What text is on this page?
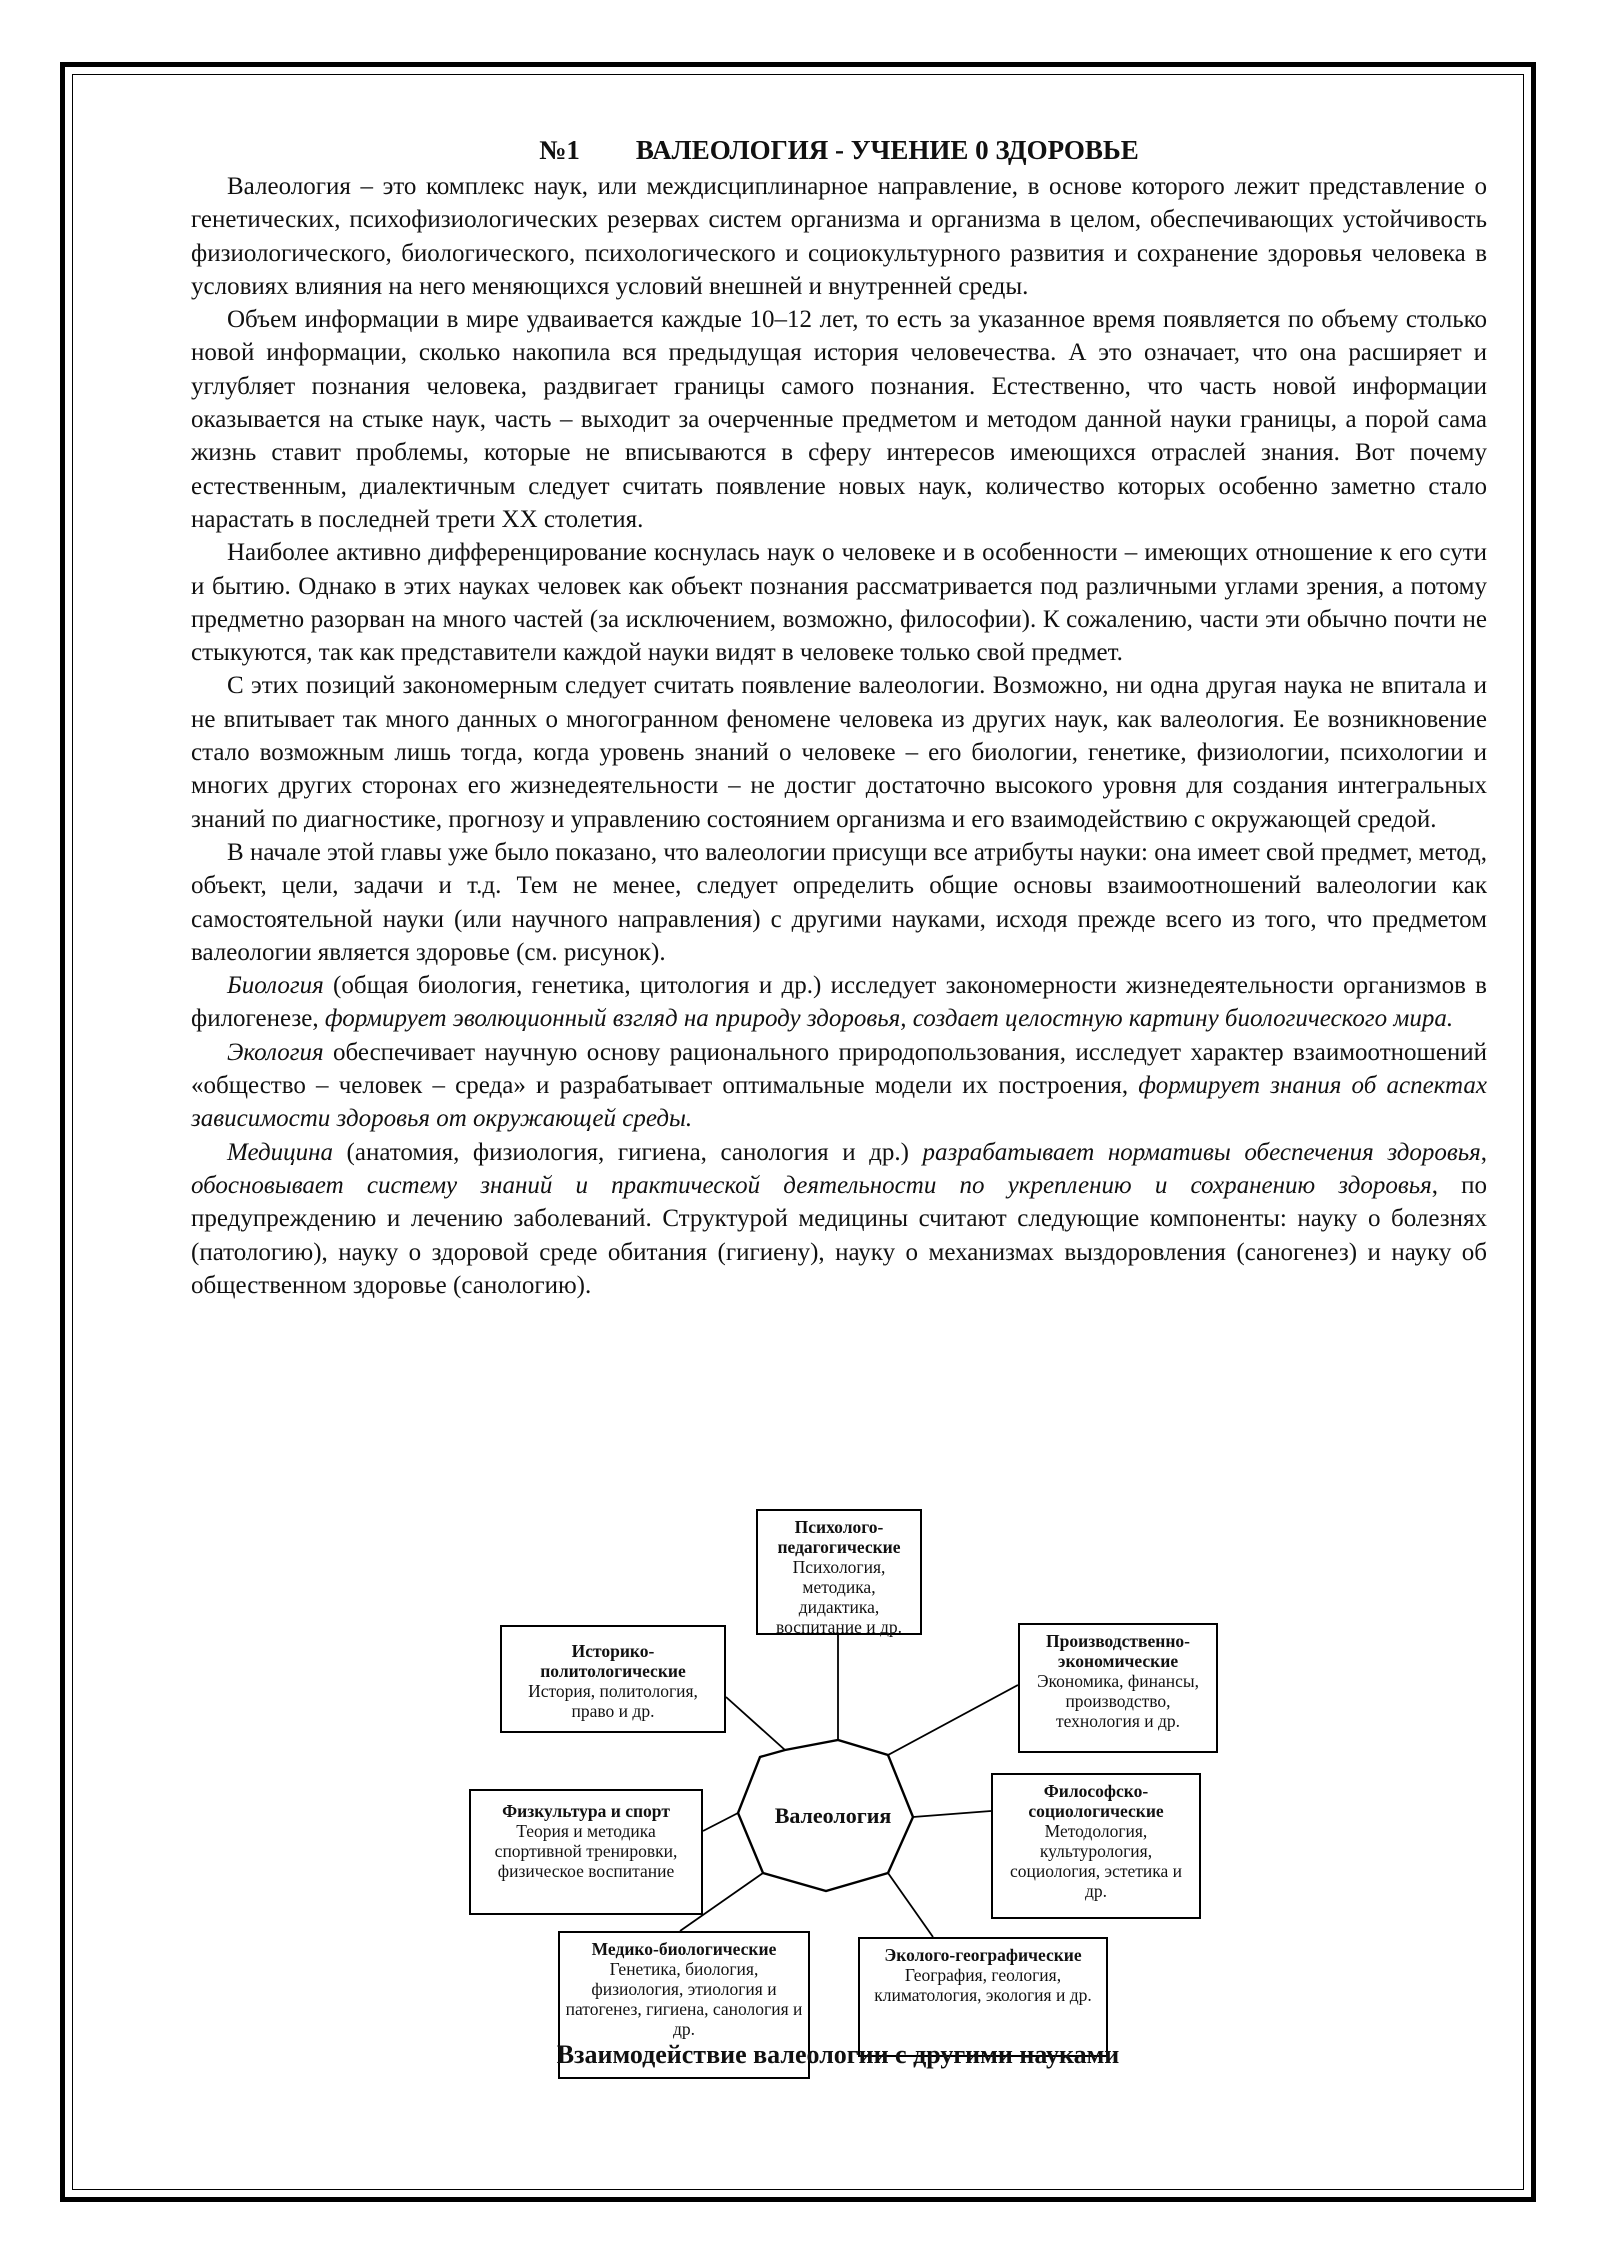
№1 ВАЛЕОЛОГИЯ - УЧЕНИЕ 0 ЗДОРОВЬЕ

Валеология – это комплекс наук, или междисциплинарное направление, в основе которого лежит представление о генетических, психофизиологических резервах систем организма и организма в целом, обеспечивающих устойчивость физиологического, биологического, психологического и социокультурного развития и сохранение здоровья человека в условиях влияния на него меняющихся условий внешней и внутренней среды.

Объем информации в мире удваивается каждые 10–12 лет, то есть за указанное время появляется по объему столько новой информации, сколько накопила вся предыдущая история человечества. А это означает, что она расширяет и углубляет познания человека, раздвигает границы самого познания. Естественно, что часть новой информации оказывается на стыке наук, часть – выходит за очерченные предметом и методом данной науки границы, а порой сама жизнь ставит проблемы, которые не вписываются в сферу интересов имеющихся отраслей знания. Вот почему естественным, диалектичным следует считать появление новых наук, количество которых особенно заметно стало нарастать в последней трети XX столетия.

Наиболее активно дифференцирование коснулась наук о человеке и в особенности – имеющих отношение к его сути и бытию. Однако в этих науках человек как объект познания рассматривается под различными углами зрения, а потому предметно разорван на много частей (за исключением, возможно, философии). К сожалению, части эти обычно почти не стыкуются, так как представители каждой науки видят в человеке только свой предмет.

С этих позиций закономерным следует считать появление валеологии. Возможно, ни одна другая наука не впитала и не впитывает так много данных о многогранном феномене человека из других наук, как валеология. Ее возникновение стало возможным лишь тогда, когда уровень знаний о человеке – его биологии, генетике, физиологии, психологии и многих других сторонах его жизнедеятельности – не достиг достаточно высокого уровня для создания интегральных знаний по диагностике, прогнозу и управлению состоянием организма и его взаимодействию с окружающей средой.

В начале этой главы уже было показано, что валеологии присущи все атрибуты науки: она имеет свой предмет, метод, объект, цели, задачи и т.д. Тем не менее, следует определить общие основы взаимоотношений валеологии как самостоятельной науки (или научного направления) с другими науками, исходя прежде всего из того, что предметом валеологии является здоровье (см. рисунок).

Биология (общая биология, генетика, цитология и др.) исследует закономерности жизнедеятельности организмов в филогенезе, формирует эволюционный взгляд на природу здоровья, создает целостную картину биологического мира.

Экология обеспечивает научную основу рационального природопользования, исследует характер взаимоотношений «общество – человек – среда» и разрабатывает оптимальные модели их построения, формирует знания об аспектах зависимости здоровья от окружающей среды.

Медицина (анатомия, физиология, гигиена, санология и др.) разрабатывает нормативы обеспечения здоровья, обосновывает систему знаний и практической деятельности по укреплению и сохранению здоровья, по предупреждению и лечению заболеваний. Структурой медицины считают следующие компоненты: науку о болезнях (патологию), науку о здоровой среде обитания (гигиену), науку о механизмах выздоровления (саногенез) и науку об общественном здоровье (санологию).

Валеология
Психолого-педагогические
Психология, методика, дидактика, воспитание и др.
Историко-политологические
История, политология, право и др.
Производственно-экономические
Экономика, финансы, производство, технология и др.
Физкультура и спорт
Теория и методика спортивной тренировки, физическое воспитание
Философско-социологические
Методология, культурология, социология, эстетика и др.
Медико-биологические
Генетика, биология, физиология, этиология и патогенез, гигиена, санология и др.
Эколого-географические
География, геология, климатология, экология и др.
Взаимодействие валеологии с другими науками
